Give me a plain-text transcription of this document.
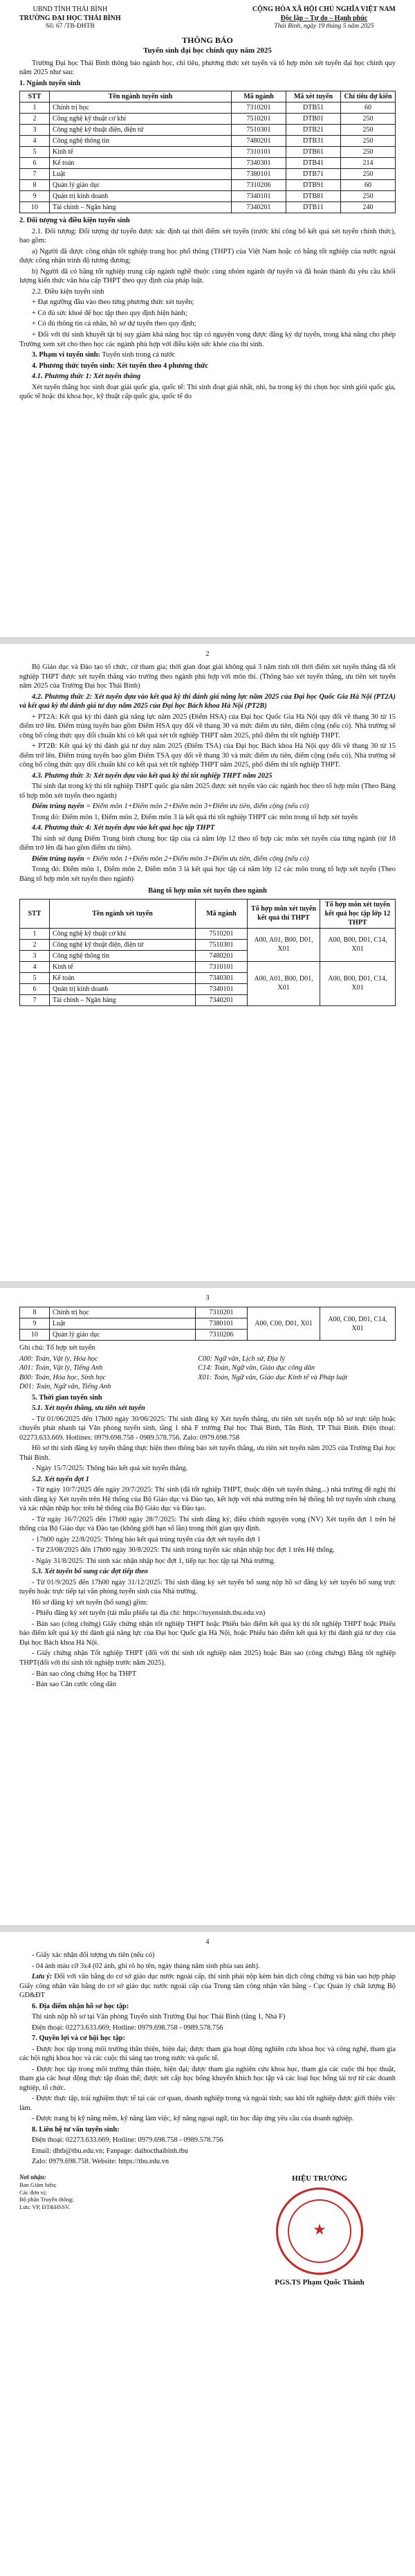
UBND TỈNH THÁI BÌNH
TRƯỜNG ĐẠI HỌC THÁI BÌNH
Số: 67 /TB-ĐHTB
CỘNG HÒA XÃ HỘI CHỦ NGHĨA VIỆT NAM
Độc lập – Tự do – Hạnh phúc
Thái Bình, ngày 19 tháng 5 năm 2025
THÔNG BÁO
Tuyển sinh đại học chính quy năm 2025

Trường Đại học Thái Bình thông báo ngành học, chỉ tiêu, phương thức xét tuyển và tổ hợp môn xét tuyển đại học chính quy năm 2025 như sau:

1. Ngành tuyển sinh

STT	Tên ngành tuyển sinh	Mã ngành	Mã xét tuyển	Chỉ tiêu dự kiến
1	Chính trị học	7310201	DTB51	60
2	Công nghệ kỹ thuật cơ khí	7510201	DTB01	250
3	Công nghệ kỹ thuật điện, điện tử	7510301	DTB21	250
4	Công nghệ thông tin	7480201	DTB31	250
5	Kinh tế	7310101	DTB61	250
6	Kế toán	7340301	DTB41	214
7	Luật	7380101	DTB71	250
8	Quản lý giáo dục	7310206	DTB91	60
9	Quản trị kinh doanh	7340101	DTB81	250
10	Tài chính – Ngân hàng	7340201	DTB11	240

2. Đối tượng và điều kiện tuyển sinh

2.1. Đối tượng: Đối tượng dự tuyển được xác định tại thời điểm xét tuyển (trước khi công bố kết quả xét tuyển chính thức), bao gồm:

a) Người đã được công nhận tốt nghiệp trung học phổ thông (THPT) của Việt Nam hoặc có bằng tốt nghiệp của nước ngoài được công nhận trình độ tương đương;

b) Người đã có bằng tốt nghiệp trung cấp ngành nghề thuộc cùng nhóm ngành dự tuyển và đã hoàn thành đủ yêu cầu khối lượng kiến thức văn hóa cấp THPT theo quy định của pháp luật.

2.2. Điều kiện tuyển sinh

+ Đạt ngưỡng đầu vào theo từng phương thức xét tuyển;

+ Có đủ sức khoẻ để học tập theo quy định hiện hành;

+ Có đủ thông tin cá nhân, hồ sơ dự tuyển theo quy định;

+ Đối với thí sinh khuyết tật bị suy giảm khả năng học tập có nguyện vọng được đăng ký dự tuyển, trong khả năng cho phép Trường xem xét cho theo học các ngành phù hợp với điều kiện sức khỏe của thí sinh.

3. Phạm vi tuyển sinh: Tuyển sinh trong cả nước

4. Phương thức tuyển sinh: Xét tuyển theo 4 phương thức

4.1. Phương thức 1: Xét tuyển thẳng

Xét tuyển thẳng học sinh đoạt giải quốc gia, quốc tế: Thí sinh đoạt giải nhất, nhì, ba trong kỳ thi chọn học sinh giỏi quốc gia, quốc tế hoặc thi khoa học, kỹ thuật cấp quốc gia, quốc tế do

2

Bộ Giáo dục và Đào tạo tổ chức, cử tham gia; thời gian đoạt giải không quá 3 năm tính tới thời điểm xét tuyển thẳng đã tốt nghiệp THPT được xét tuyển thẳng vào trường theo ngành phù hợp với môn thi. (Thông báo xét tuyển thẳng, ưu tiên xét tuyển năm 2025 của Trường Đại học Thái Bình)

4.2. Phương thức 2: Xét tuyển dựa vào kết quả kỳ thi đánh giá năng lực năm 2025 của Đại học Quốc Gia Hà Nội (PT2A) và kết quả kỳ thi đánh giá tư duy năm 2025 của Đại học Bách khoa Hà Nội (PT2B)

+ PT2A: Kết quả kỳ thi đánh giá năng lực năm 2025 (Điểm HSA) của Đại học Quốc Gia Hà Nội quy đổi về thang 30 từ 15 điểm trở lên. Điểm trúng tuyển bao gồm Điểm HSA quy đổi về thang 30 và mức điểm ưu tiên, điểm cộng (nếu có). Nhà trường sẽ công bố công thức quy đổi chuẩn khi có kết quả xét tốt nghiệp THPT năm 2025, phổ điểm thi tốt nghiệp THPT.

+ PT2B: Kết quả kỳ thi đánh giá tư duy năm 2025 (Điểm TSA) của Đại học Bách khoa Hà Nội quy đổi về thang 30 từ 15 điểm trở lên. Điểm trúng tuyển bao gồm Điểm TSA quy đổi về thang 30 và mức điểm ưu tiên, điểm cộng (nếu có). Nhà trường sẽ công bố công thức quy đổi chuẩn khi có kết quả xét tốt nghiệp THPT năm 2025, phổ điểm thi tốt nghiệp THPT.

4.3. Phương thức 3: Xét tuyển dựa vào kết quả kỳ thi tốt nghiệp THPT năm 2025

Thí sinh đạt trong kỳ thi tốt nghiệp THPT quốc gia năm 2025 được xét tuyển vào các ngành học theo tổ hợp môn (Theo Bảng tổ hợp môn xét tuyển theo ngành)

Điểm trúng tuyển = Điểm môn 1+Điểm môn 2+Điểm môn 3+Điểm ưu tiên, điểm cộng (nếu có)

Trong đó: Điểm môn 1, Điểm môn 2, Điểm môn 3 là kết quả thi tốt nghiệp THPT các môn trong tổ hợp xét tuyển

4.4. Phương thức 4: Xét tuyển dựa vào kết quả học tập THPT

Thí sinh sử dụng Điểm Trung bình chung học tập của cả năm lớp 12 theo tổ hợp các môn xét tuyển của từng ngành (từ 18 điểm trở lên đã bao gồm điểm ưu tiên).

Điểm trúng tuyển = Điểm môn 1+Điểm môn 2+Điểm môn 3+Điểm ưu tiên, điểm cộng (nếu có)

Trong đó: Điểm môn 1, Điểm môn 2, Điểm môn 3 là kết quả học tập cả năm lớp 12 các môn trong tổ hợp xét tuyển (Theo Bảng tổ hợp môn xét tuyển theo ngành)

Bảng tổ hợp môn xét tuyển theo ngành
STT	Tên ngành xét tuyển	Mã ngành	Tổ hợp môn xét tuyển kết quả thi THPT	Tổ hợp môn xét tuyển kết quả học tập lớp 12 THPT
1	Công nghệ kỹ thuật cơ khí	7510201	A00, A01, B00, D01, X01	A00, B00, D01, C14, X01
2	Công nghệ kỹ thuật điện, điện tử	7510301		
3	Công nghệ thông tin	7480201		
4	Kinh tế	7310101	A00, A01, B00, D01, X01	A00, B00, D01, C14, X01
5	Kế toán	7340301		
6	Quản trị kinh doanh	7340101		
7	Tài chính – Ngân hàng	7340201		
3
8	Chính trị học	7310201	A00, C00, D01, X01	A00, C00, D01, C14, X01
9	Luật	7380101		
10	Quản lý giáo dục	7310206		

Ghi chú: Tổ hợp xét tuyển

A00: Toán, Vật lý, Hóa học
A01: Toán, Vật lý, Tiếng Anh
B00: Toán, Hóa học, Sinh học
D01: Toán, Ngữ văn, Tiếng Anh
C00: Ngữ văn, Lịch sử, Địa lý
C14: Toán, Ngữ văn, Giáo dục công dân
X01: Toán, Ngữ văn, Giáo dục Kinh tế và Pháp luật

5. Thời gian tuyển sinh

5.1. Xét tuyển thẳng, ưu tiên xét tuyển

- Từ 01/06/2025 đến 17h00 ngày 30/06/2025: Thí sinh đăng ký Xét tuyển thẳng, ưu tiên xét tuyển nộp hồ sơ trực tiếp hoặc chuyển phát nhanh tại Văn phòng tuyển sinh, tầng 1 nhà F trường Đại học Thái Bình, Tân Bình, TP Thái Bình. Điện thoại: 02273.633.669. Hotlines: 0979.698.758 - 0989.578.756. Zalo: 0979.698.758

Hồ sơ thí sinh đăng ký tuyển thẳng thực hiện theo thông báo xét tuyển thẳng, ưu tiên xét tuyển năm 2025 của Trường Đại học Thái Bình.

- Ngày 15/7/2025: Thông báo kết quả xét tuyển thẳng.

5.2. Xét tuyển đợt 1

- Từ ngày 10/7/2025 đến ngày 20/7/2025: Thí sinh (đã tốt nghiệp THPT, thuộc diện xét tuyển thẳng...) nhà trường đề nghị thí sinh đăng ký Xét tuyển trên Hệ thống của Bộ Giáo dục và Đào tạo, kết hợp với nhà trường trên hệ thống hỗ trợ tuyển sinh chung và xác nhận nhập học trên hệ thống của Bộ Giáo dục và Đào tạo.

- Từ ngày 16/7/2025 đến 17h00 ngày 28/7/2025: Thí sinh đăng ký, điều chỉnh nguyện vọng (NV) Xét tuyển đợt 1 trên hệ thống của Bộ Giáo dục và Đào tạo (không giới hạn số lần) trong thời gian quy định.

- 17h00 ngày 22/8/2025: Thông báo kết quả trúng tuyển của đợt xét tuyển đợt 1

- Từ 23/08/2025 đến 17h00 ngày 30/8/2025: Thí sinh trúng tuyển xác nhận nhập học đợt 1 trên Hệ thống.

- Ngày 31/8/2025: Thí sinh xác nhận nhập học đợt 1, tiếp tục học tập tại Nhà trường.

5.3. Xét tuyển bổ sung các đợt tiếp theo

- Từ 01/9/2025 đến 17h00 ngày 31/12/2025: Thí sinh đăng ký xét tuyển bổ sung nộp hồ sơ đăng ký xét tuyển bổ sung trực tuyến hoặc trực tiếp tại văn phòng tuyển sinh của Nhà trường.

Hồ sơ đăng ký xét tuyển (bổ sung) gồm:

- Phiếu đăng ký xét tuyển (tải mẫu phiếu tại địa chỉ: https://tuyensinh.tbu.edu.vn)

- Bản sao (công chứng) Giấy chứng nhận tốt nghiệp THPT hoặc Phiếu báo điểm kết quả kỳ thi tốt nghiệp THPT hoặc Phiếu báo điểm kết quả kỳ thi đánh giá năng lực của Đại học Quốc gia Hà Nội, hoặc Phiếu báo điểm kết quả kỳ thi đánh giá tư duy của Đại học Bách khoa Hà Nội.

- Giấy chứng nhận Tốt nghiệp THPT (đối với thí sinh tốt nghiệp năm 2025) hoặc Bản sao (công chứng) Bằng tốt nghiệp THPT(đối với thí sinh tốt nghiệp trước năm 2025).

- Bản sao công chứng Học bạ THPT

- Bản sao Căn cước công dân

4

- Giấy xác nhận đối tượng ưu tiên (nếu có)

- 04 ảnh màu cỡ 3x4 (02 ảnh, ghi rõ họ tên, ngày tháng năm sinh phía sau ảnh).

Lưu ý: Đối với văn bằng do cơ sở giáo dục nước ngoài cấp, thí sinh phải nộp kèm bản dịch công chứng và bản sao hợp pháp Giấy công nhận văn bằng do cơ sở giáo dục nước ngoài cấp của Trung tâm công nhận văn bằng - Cục Quản lý chất lượng Bộ GD&ĐT

6. Địa điểm nhận hồ sơ học tập:

Thí sinh nộp hồ sơ tại Văn phòng Tuyển sinh Trường Đại học Thái Bình (tầng 1, Nhà F)

Điện thoại: 02273.633.669; Hotline: 0979.698.758 - 0989.578.756

7. Quyền lợi và cơ hội học tập:

- Được học tập trong môi trường thân thiện, hiện đại; được tham gia hoạt động nghiên cứu khoa học và công nghệ, tham gia các hội nghị khoa học và các cuộc thi sáng tạo trong nước và quốc tế.

- Được học tập trong môi trường thân thiện, hiện đại; được tham gia nghiên cứu khoa học, tham gia các cuộc thi học thuật, tham gia các hoạt động thực tập đoàn thể; được xét cấp học bổng khuyến khích học tập và các loại học bổng tài trợ từ các doanh nghiệp, tổ chức.

- Được thực tập, trải nghiệm thực tế tại các cơ quan, doanh nghiệp trong và ngoài tỉnh; sau khi tốt nghiệp được giới thiệu việc làm.

- Được trang bị kỹ năng mềm, kỹ năng làm việc, kỹ năng ngoại ngữ, tin học đáp ứng yêu cầu của doanh nghiệp.

8. Liên hệ tư vấn tuyển sinh:

Điện thoại: 02273.633.669; Hotline: 0979.698.758 - 0989.578.756

Email: dhtb@tbu.edu.vn; Fanpage: daihocthaibinh.tbu

Zalo: 0979.698.758. Website: https://tbu.edu.vn

Nơi nhận:
Ban Giám hiệu;
Các đơn vị;
Bộ phận Truyền thông;
Lưu: VP, ĐT&HSSV.
HIỆU TRƯỞNG
★
PGS.TS Phạm Quốc Thành
